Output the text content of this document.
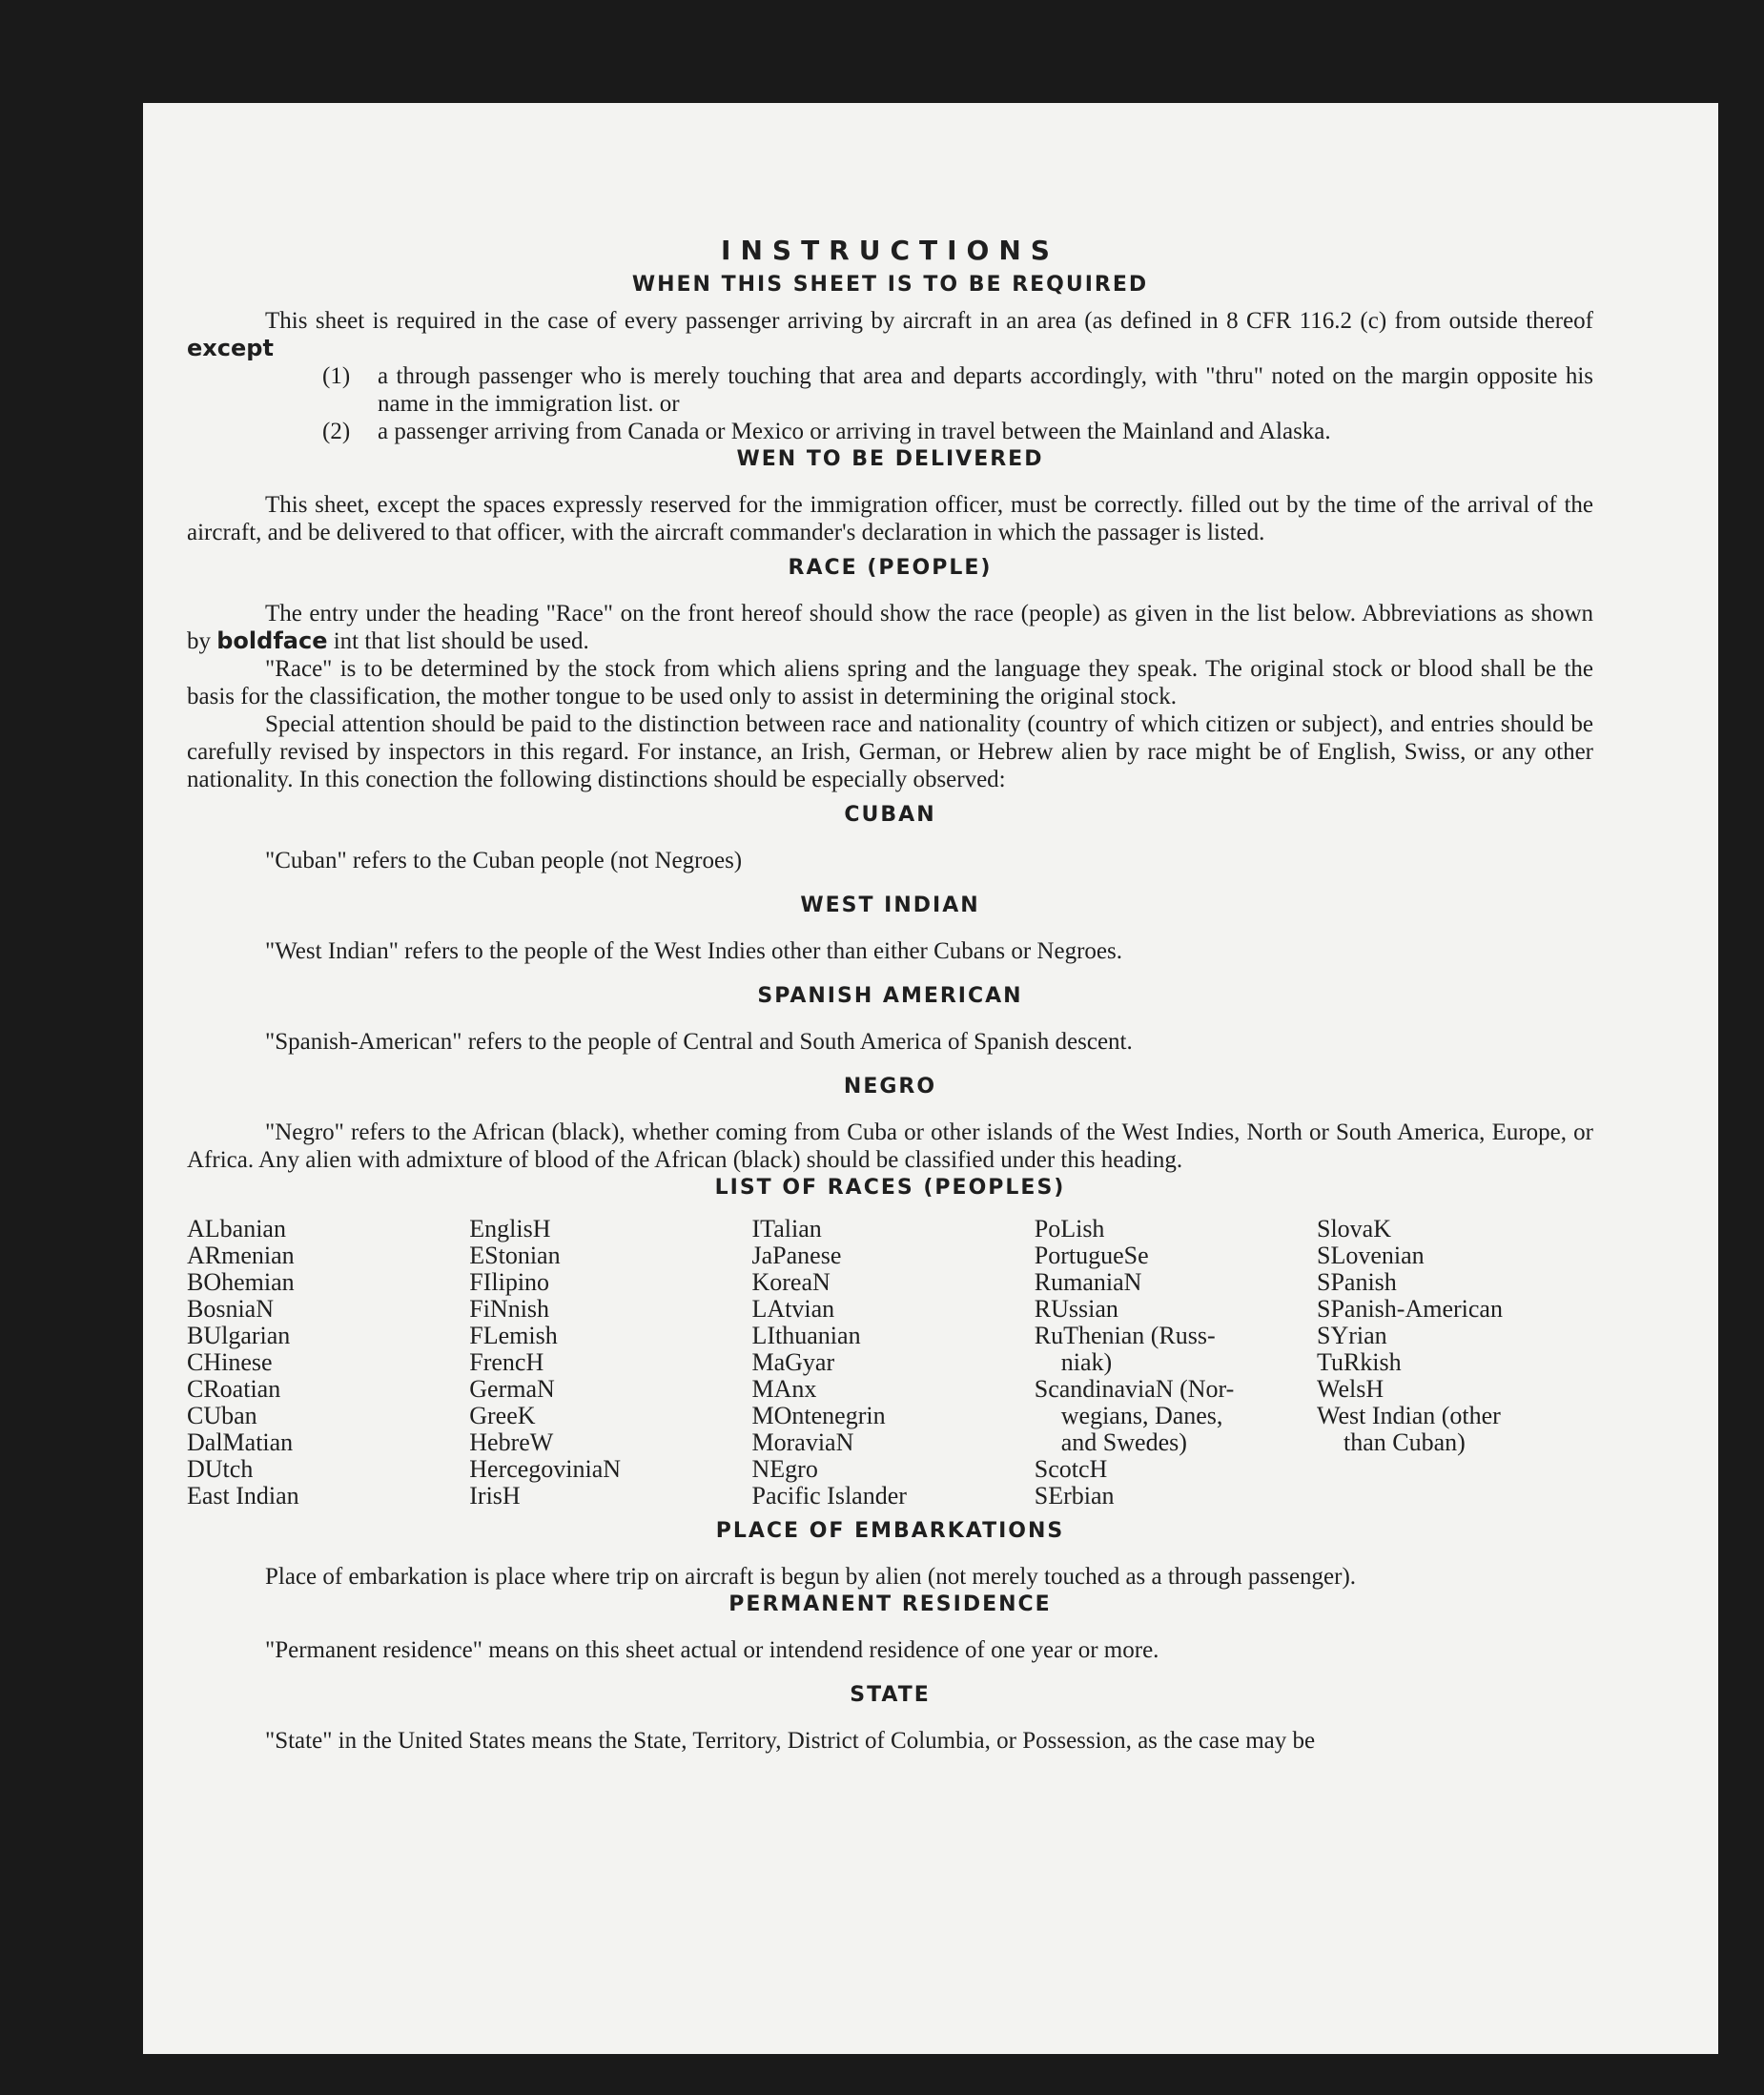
INSTRUCTIONS
WHEN THIS SHEET IS TO BE REQUIRED

This sheet is required in the case of every passenger arriving by aircraft in an area (as defined in 8 CFR 116.2 (c) from outside thereof except

(1) a through passenger who is merely touching that area and departs accordingly, with "thru" noted on the margin opposite his name in the immigration list. or

(2) a passenger arriving from Canada or Mexico or arriving in travel between the Mainland and Alaska.

WEN TO BE DELIVERED

This sheet, except the spaces expressly reserved for the immigration officer, must be correctly. filled out by the time of the arrival of the aircraft, and be delivered to that officer, with the aircraft commander's declaration in which the passager is listed.

RACE (PEOPLE)

The entry under the heading "Race" on the front hereof should show the race (people) as given in the list below. Abbreviations as shown by boldface int that list should be used.

"Race" is to be determined by the stock from which aliens spring and the language they speak. The original stock or blood shall be the basis for the classification, the mother tongue to be used only to assist in determining the original stock.

Special attention should be paid to the distinction between race and nationality (country of which citizen or subject), and entries should be carefully revised by inspectors in this regard. For instance, an Irish, German, or Hebrew alien by race might be of English, Swiss, or any other nationality. In this conection the following distinctions should be especially observed:

CUBAN

"Cuban" refers to the Cuban people (not Negroes)

WEST INDIAN

"West Indian" refers to the people of the West Indies other than either Cubans or Negroes.

SPANISH AMERICAN

"Spanish-American" refers to the people of Central and South America of Spanish descent.

NEGRO

"Negro" refers to the African (black), whether coming from Cuba or other islands of the West Indies, North or South America, Europe, or Africa. Any alien with admixture of blood of the African (black) should be classified under this heading.

LIST OF RACES (PEOPLES)
ALbanian
ARmenian
BOhemian
BosniaN
BUlgarian
CHinese
CRoatian
CUban
DalMatian
DUtch
East Indian
EnglisH
EStonian
FIlipino
FiNnish
FLemish
FrencH
GermaN
GreeK
HebreW
HercegoviniaN
IrisH
ITalian
JaPanese
KoreaN
LAtvian
LIthuanian
MaGyar
MAnx
MOntenegrin
MoraviaN
NEgro
Pacific Islander
PoLish
PortugueSe
RumaniaN
RUssian
RuThenian (Russ-
niak)
ScandinaviaN (Nor-
wegians, Danes,
and Swedes)
ScotcH
SErbian
SlovaK
SLovenian
SPanish
SPanish-American
SYrian
TuRkish
WelsH
West Indian (other
than Cuban)
PLACE OF EMBARKATIONS

Place of embarkation is place where trip on aircraft is begun by alien (not merely touched as a through passenger).

PERMANENT RESIDENCE

"Permanent residence" means on this sheet actual or intendend residence of one year or more.

STATE

"State" in the United States means the State, Territory, District of Columbia, or Possession, as the case may be
